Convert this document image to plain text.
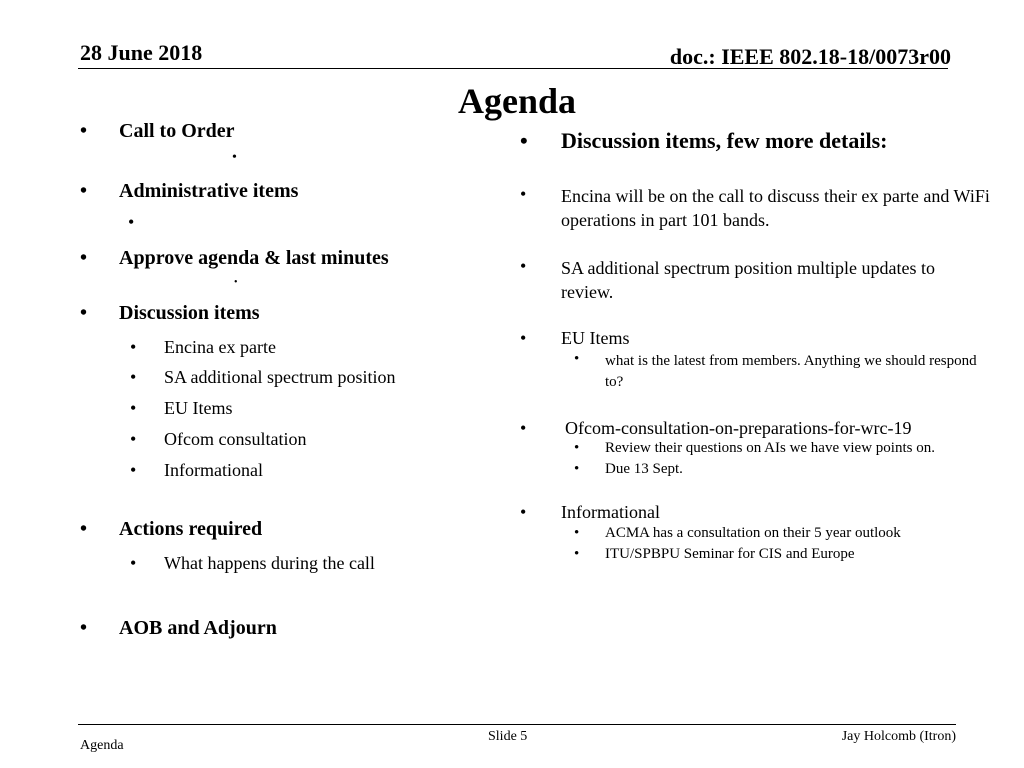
28 June 2018	doc.: IEEE 802.18-18/0073r00
Agenda
•	Call to Order
•
•	Administrative items
•
•	Approve agenda & last minutes
•
•	Discussion items
•	Encina ex parte
•	SA additional spectrum position
•	EU Items
•	Ofcom consultation
•	Informational
•	Actions required
•	What happens during the call
•	AOB and Adjourn
•	Discussion items, few more details:
•	Encina will be on the call to discuss their ex parte and WiFi operations in part 101 bands.
•	SA additional spectrum position multiple updates to review.
•	EU Items
•	what is the latest from members. Anything we should respond to?
•	Ofcom-consultation-on-preparations-for-wrc-19
•	Review their questions on AIs we have view points on.
•	Due 13 Sept.
•	Informational
•	ACMA has a consultation on their 5 year outlook
•	ITU/SPBPU Seminar for CIS and Europe
Agenda
Slide 5	Jay Holcomb (Itron)
